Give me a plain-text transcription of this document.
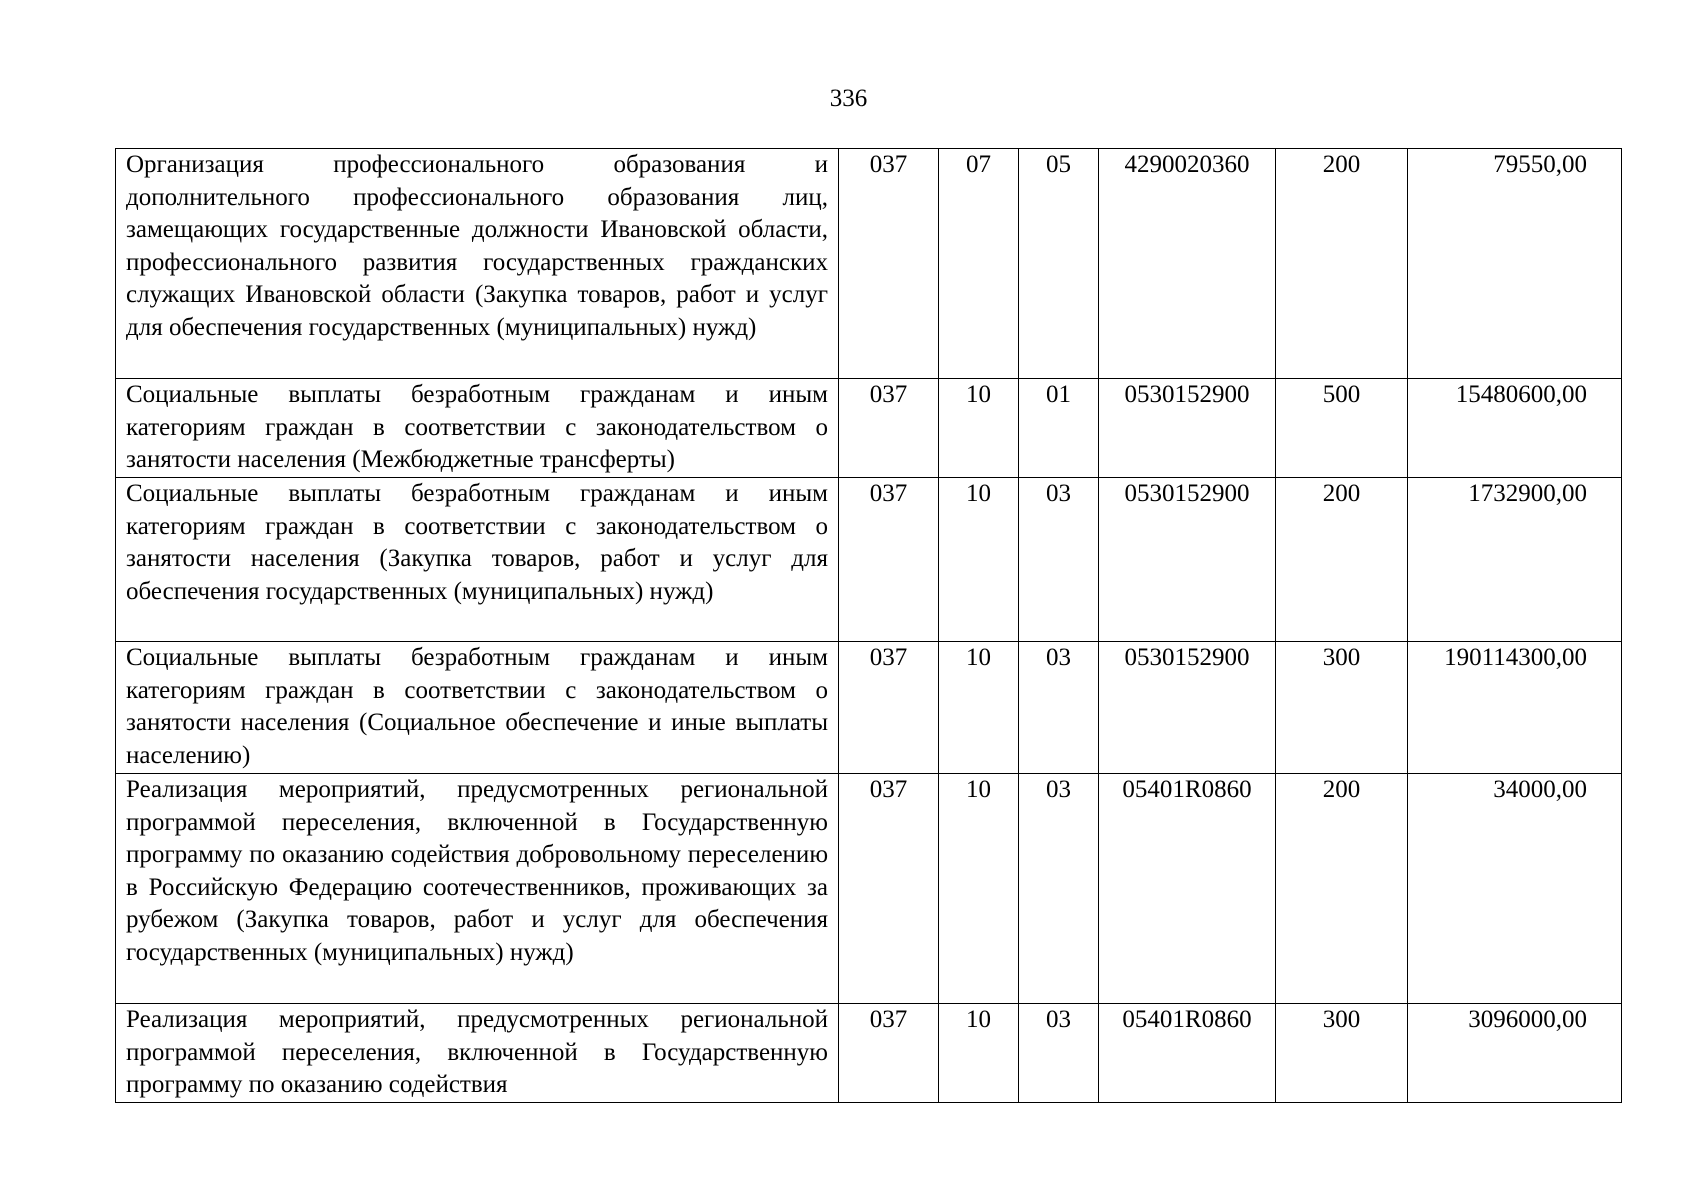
336
Организация профессионального образования и дополнительного профессионального образования лиц, замещающих государственные должности Ивановской области, профессионального развития государственных гражданских служащих Ивановской области (Закупка товаров, работ и услуг для обеспечения государственных (муниципальных) нужд)	037	07	05	4290020360	200	79550,00
Социальные выплаты безработным гражданам и иным категориям граждан в соответствии с законодательством о занятости населения (Межбюджетные трансферты)	037	10	01	0530152900	500	15480600,00
Социальные выплаты безработным гражданам и иным категориям граждан в соответствии с законодательством о занятости населения (Закупка товаров, работ и услуг для обеспечения государственных (муниципальных) нужд)	037	10	03	0530152900	200	1732900,00
Социальные выплаты безработным гражданам и иным категориям граждан в соответствии с законодательством о занятости населения (Социальное обеспечение и иные выплаты населению)	037	10	03	0530152900	300	190114300,00
Реализация мероприятий, предусмотренных региональной программой переселения, включенной в Государственную программу по оказанию содействия добровольному переселению в Российскую Федерацию соотечественников, проживающих за рубежом (Закупка товаров, работ и услуг для обеспечения государственных (муниципальных) нужд)	037	10	03	05401R0860	200	34000,00
Реализация мероприятий, предусмотренных региональной программой переселения, включенной в Государственную программу по оказанию содействия	037	10	03	05401R0860	300	3096000,00
